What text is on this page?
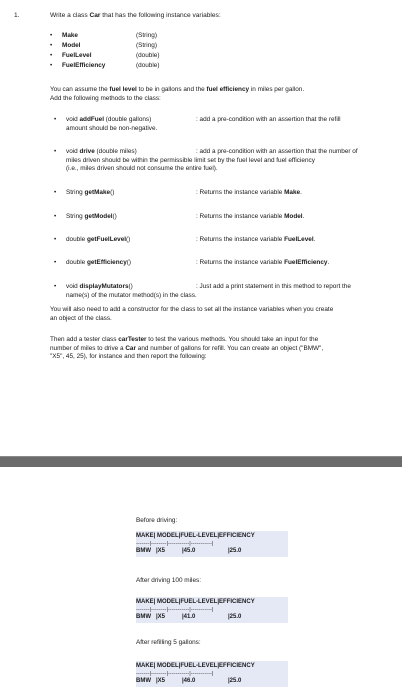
1.	Write a class Car that has the following instance variables:
• Make	(String)
• Model	(String)
• FuelLevel	(double)
• FuelEfficiency	(double)
You can assume the fuel level to be in gallons and the fuel efficiency in miles per gallon.
Add the following methods to the class:
• void addFuel (double gallons)	: add a pre-condition with an assertion that the refill
amount should be non-negative.
• void drive (double miles)	: add a pre-condition with an assertion that the number of
miles driven should be within the permissible limit set by the fuel level and fuel efficiency
(i.e., miles driven should not consume the entire fuel).
• String getMake()	: Returns the instance variable Make.
• String getModel()	: Returns the instance variable Model.
• double getFuelLevel()	: Returns the instance variable FuelLevel.
• double getEfficiency()	: Returns the instance variable FuelEfficiency.
• void displayMutators()	: Just add a print statement in this method to report the
name(s) of the mutator method(s) in the class.
You will also need to add a constructor for the class to set all the instance variables when you create
an object of the class.
Then add a tester class carTester to test the various methods. You should take an input for the
number of miles to drive a Car and number of gallons for refill. You can create an object ("BMW",
"X5", 45, 25), for instance and then report the following:
Before driving:
MAKE| MODEL|FUEL-LEVEL|EFFICIENCY
-------|--------|-----------|-----------|
BMW |X5	|45.0	|25.0
After driving 100 miles:
MAKE| MODEL|FUEL-LEVEL|EFFICIENCY
-------|--------|-----------|-----------|
BMW |X5	|41.0	|25.0
After refilling 5 gallons:
MAKE| MODEL|FUEL-LEVEL|EFFICIENCY
-------|--------|-----------|-----------|
BMW |X5	|46.0	|25.0
